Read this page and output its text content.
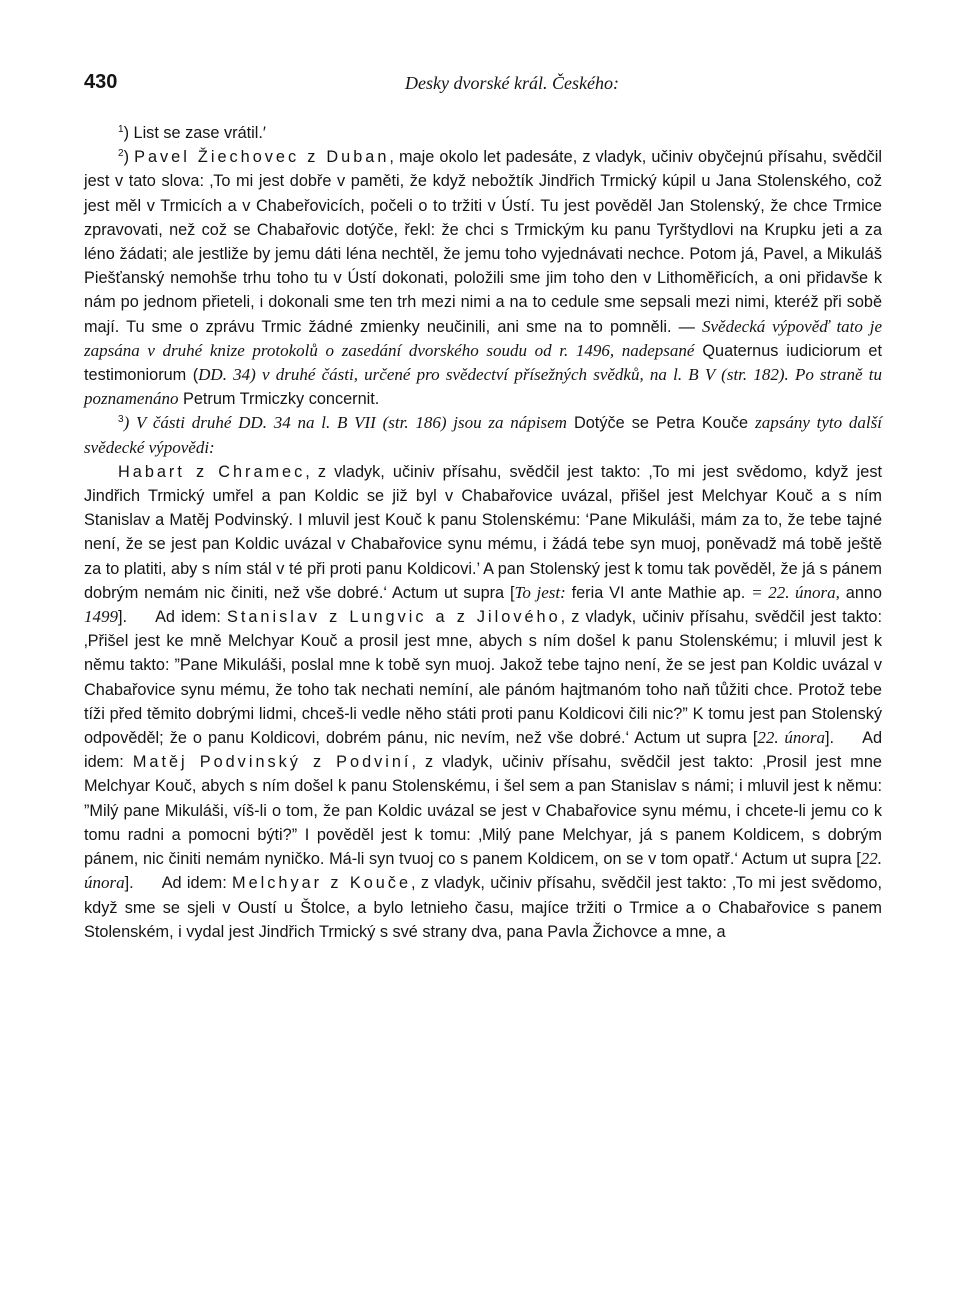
430	Desky dvorské král. Českého:

$^1$) List se zase vrátil.′

$^2$) Pavel Žiechovec z Duban, maje okolo let padesáte, z vladyk, učiniv obyčejnú přísahu, svědčil jest v tato slova: ‚To mi jest dobře v paměti, že když nebožtík Jindřich Trmický kúpil u Jana Stolenského, což jest měl v Trmicích a v Chabeřovicích, počeli o to tržiti v Ústí. Tu jest pověděl Jan Stolenský, že chce Trmice zpravovati, než což se Chabařovic dotýče, řekl: že chci s Trmickým ku panu Tyrštydlovi na Krupku jeti a za léno žádati; ale jestliže by jemu dáti léna nechtěl, že jemu toho vyjednávati nechce. Potom já, Pavel, a Mikuláš Piešťanský nemohše trhu toho tu v Ústí dokonati, položili sme jim toho den v Lithoměřicích, a oni přidavše k nám po jednom přieteli, i dokonali sme ten trh mezi nimi a na to cedule sme sepsali mezi nimi, kteréž při sobě mají. Tu sme o zprávu Trmic žádné zmienky neučinili, ani sme na to pomněli. — Svědecká výpověď tato je zapsána v druhé knize protokolů o zasedání dvorského soudu od r. 1496, nadepsané Quaternus iudiciorum et testimoniorum (DD. 34) v druhé části, určené pro svědectví přísežných svědků, na l. B V (str. 182). Po straně tu poznamenáno Petrum Trmiczky concernit.

$^3$) V části druhé DD. 34 na l. B VII (str. 186) jsou za nápisem Dotýče se Petra Kouče zapsány tyto další svědecké výpovědi:

Habart z Chramec, z vladyk, učiniv přísahu, svědčil jest takto: ‚To mi jest svědomo, když jest Jindřich Trmický umřel a pan Koldic se již byl v Chabařovice uvázal, přišel jest Melchyar Kouč a s ním Stanislav a Matěj Podvinský. I mluvil jest Kouč k panu Stolenskému: ‘Pane Mikuláši, mám za to, že tebe tajné není, že se jest pan Koldic uvázal v Chabařovice synu mému, i žádá tebe syn muoj, poněvadž má tobě ještě za to platiti, aby s ním stál v té při proti panu Koldicovi.’ A pan Stolenský jest k tomu tak pověděl, že já s pánem dobrým nemám nic činiti, než vše dobré.‘ Actum ut supra [To jest: feria VI ante Mathie ap. = 22. února, anno 1499]. Ad idem: Stanislav z Lungvic a z Jilového, z vladyk, učiniv přísahu, svědčil jest takto: ‚Přišel jest ke mně Melchyar Kouč a prosil jest mne, abych s ním došel k panu Stolenskému; i mluvil jest k němu takto: ”Pane Mikuláši, poslal mne k tobě syn muoj. Jakož tebe tajno není, že se jest pan Koldic uvázal v Chabařovice synu mému, že toho tak nechati nemíní, ale pánóm hajtmanóm toho naň tůžiti chce. Protož tebe tíži před těmito dobrými lidmi, chceš-li vedle něho státi proti panu Koldicovi čili nic?” K tomu jest pan Stolenský odpověděl; že o panu Koldicovi, dobrém pánu, nic nevím, než vše dobré.‘ Actum ut supra [22. února]. Ad idem: Matěj Podvinský z Podviní, z vladyk, učiniv přísahu, svědčil jest takto: ‚Prosil jest mne Melchyar Kouč, abych s ním došel k panu Stolenskému, i šel sem a pan Stanislav s námi; i mluvil jest k němu: ”Milý pane Mikuláši, víš-li o tom, že pan Koldic uvázal se jest v Chabařovice synu mému, i chcete-li jemu co k tomu radni a pomocni býti?” I pověděl jest k tomu: ‚Milý pane Melchyar, já s panem Koldicem, s dobrým pánem, nic činiti nemám nyničko. Má-li syn tvuoj co s panem Koldicem, on se v tom opatř.‘ Actum ut supra [22. února]. Ad idem: Melchyar z Kouče, z vladyk, učiniv přísahu, svědčil jest takto: ‚To mi jest svědomo, když sme se sjeli v Oustí u Štolce, a bylo letnieho času, majíce tržiti o Trmice a o Chabařovice s panem Stolenském, i vydal jest Jindřich Trmický s své strany dva, pana Pavla Žichovce a mne, a
